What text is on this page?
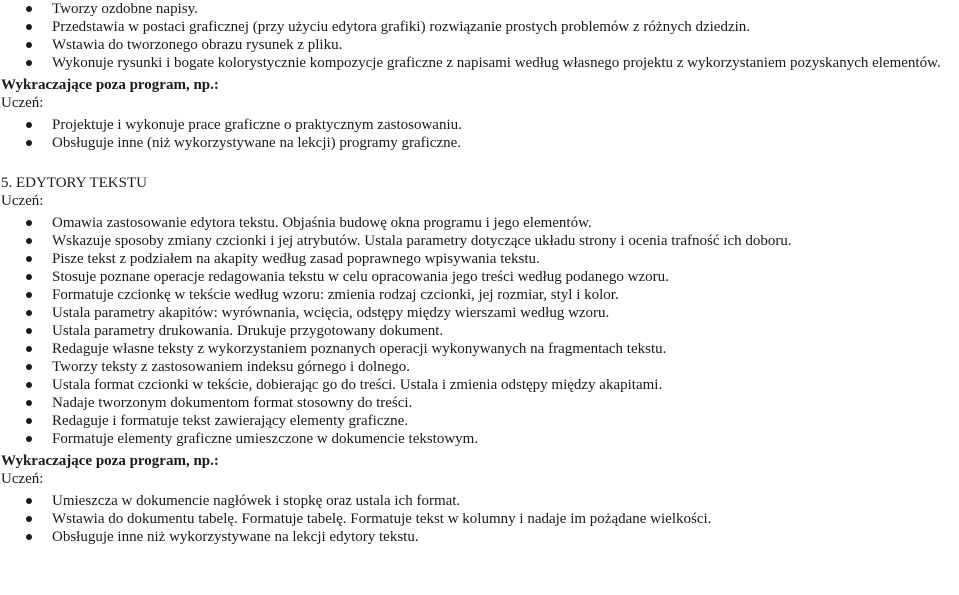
Tworzy ozdobne napisy.
Przedstawia w postaci graficznej (przy użyciu edytora grafiki) rozwiązanie prostych problemów z różnych dziedzin.
Wstawia do tworzonego obrazu rysunek z pliku.
Wykonuje rysunki i bogate kolorystycznie kompozycje graficzne z napisami według własnego projektu z wykorzystaniem pozyskanych elementów.
Wykraczające poza program, np.:
Uczeń:
Projektuje i wykonuje prace graficzne o praktycznym zastosowaniu.
Obsługuje inne (niż wykorzystywane na lekcji) programy graficzne.
5. EDYTORY TEKSTU
Uczeń:
Omawia zastosowanie edytora tekstu. Objaśnia budowę okna programu i jego elementów.
Wskazuje sposoby zmiany czcionki i jej atrybutów. Ustala parametry dotyczące układu strony i ocenia trafność ich doboru.
Pisze tekst z podziałem na akapity według zasad poprawnego wpisywania tekstu.
Stosuje poznane operacje redagowania tekstu w celu opracowania jego treści według podanego wzoru.
Formatuje czcionkę w tekście według wzoru: zmienia rodzaj czcionki, jej rozmiar, styl i kolor.
Ustala parametry akapitów: wyrównania, wcięcia, odstępy między wierszami według wzoru.
Ustala parametry drukowania. Drukuje przygotowany dokument.
Redaguje własne teksty z wykorzystaniem poznanych operacji wykonywanych na fragmentach tekstu.
Tworzy teksty z zastosowaniem indeksu górnego i dolnego.
Ustala format czcionki w tekście, dobierając go do treści. Ustala i zmienia odstępy między akapitami.
Nadaje tworzonym dokumentom format stosowny do treści.
Redaguje i formatuje tekst zawierający elementy graficzne.
Formatuje elementy graficzne umieszczone w dokumencie tekstowym.
Wykraczające poza program, np.:
Uczeń:
Umieszcza w dokumencie nagłówek i stopkę oraz ustala ich format.
Wstawia do dokumentu tabelę. Formatuje tabelę. Formatuje tekst w kolumny i nadaje im pożądane wielkości.
Obsługuje inne niż wykorzystywane na lekcji edytory tekstu.
